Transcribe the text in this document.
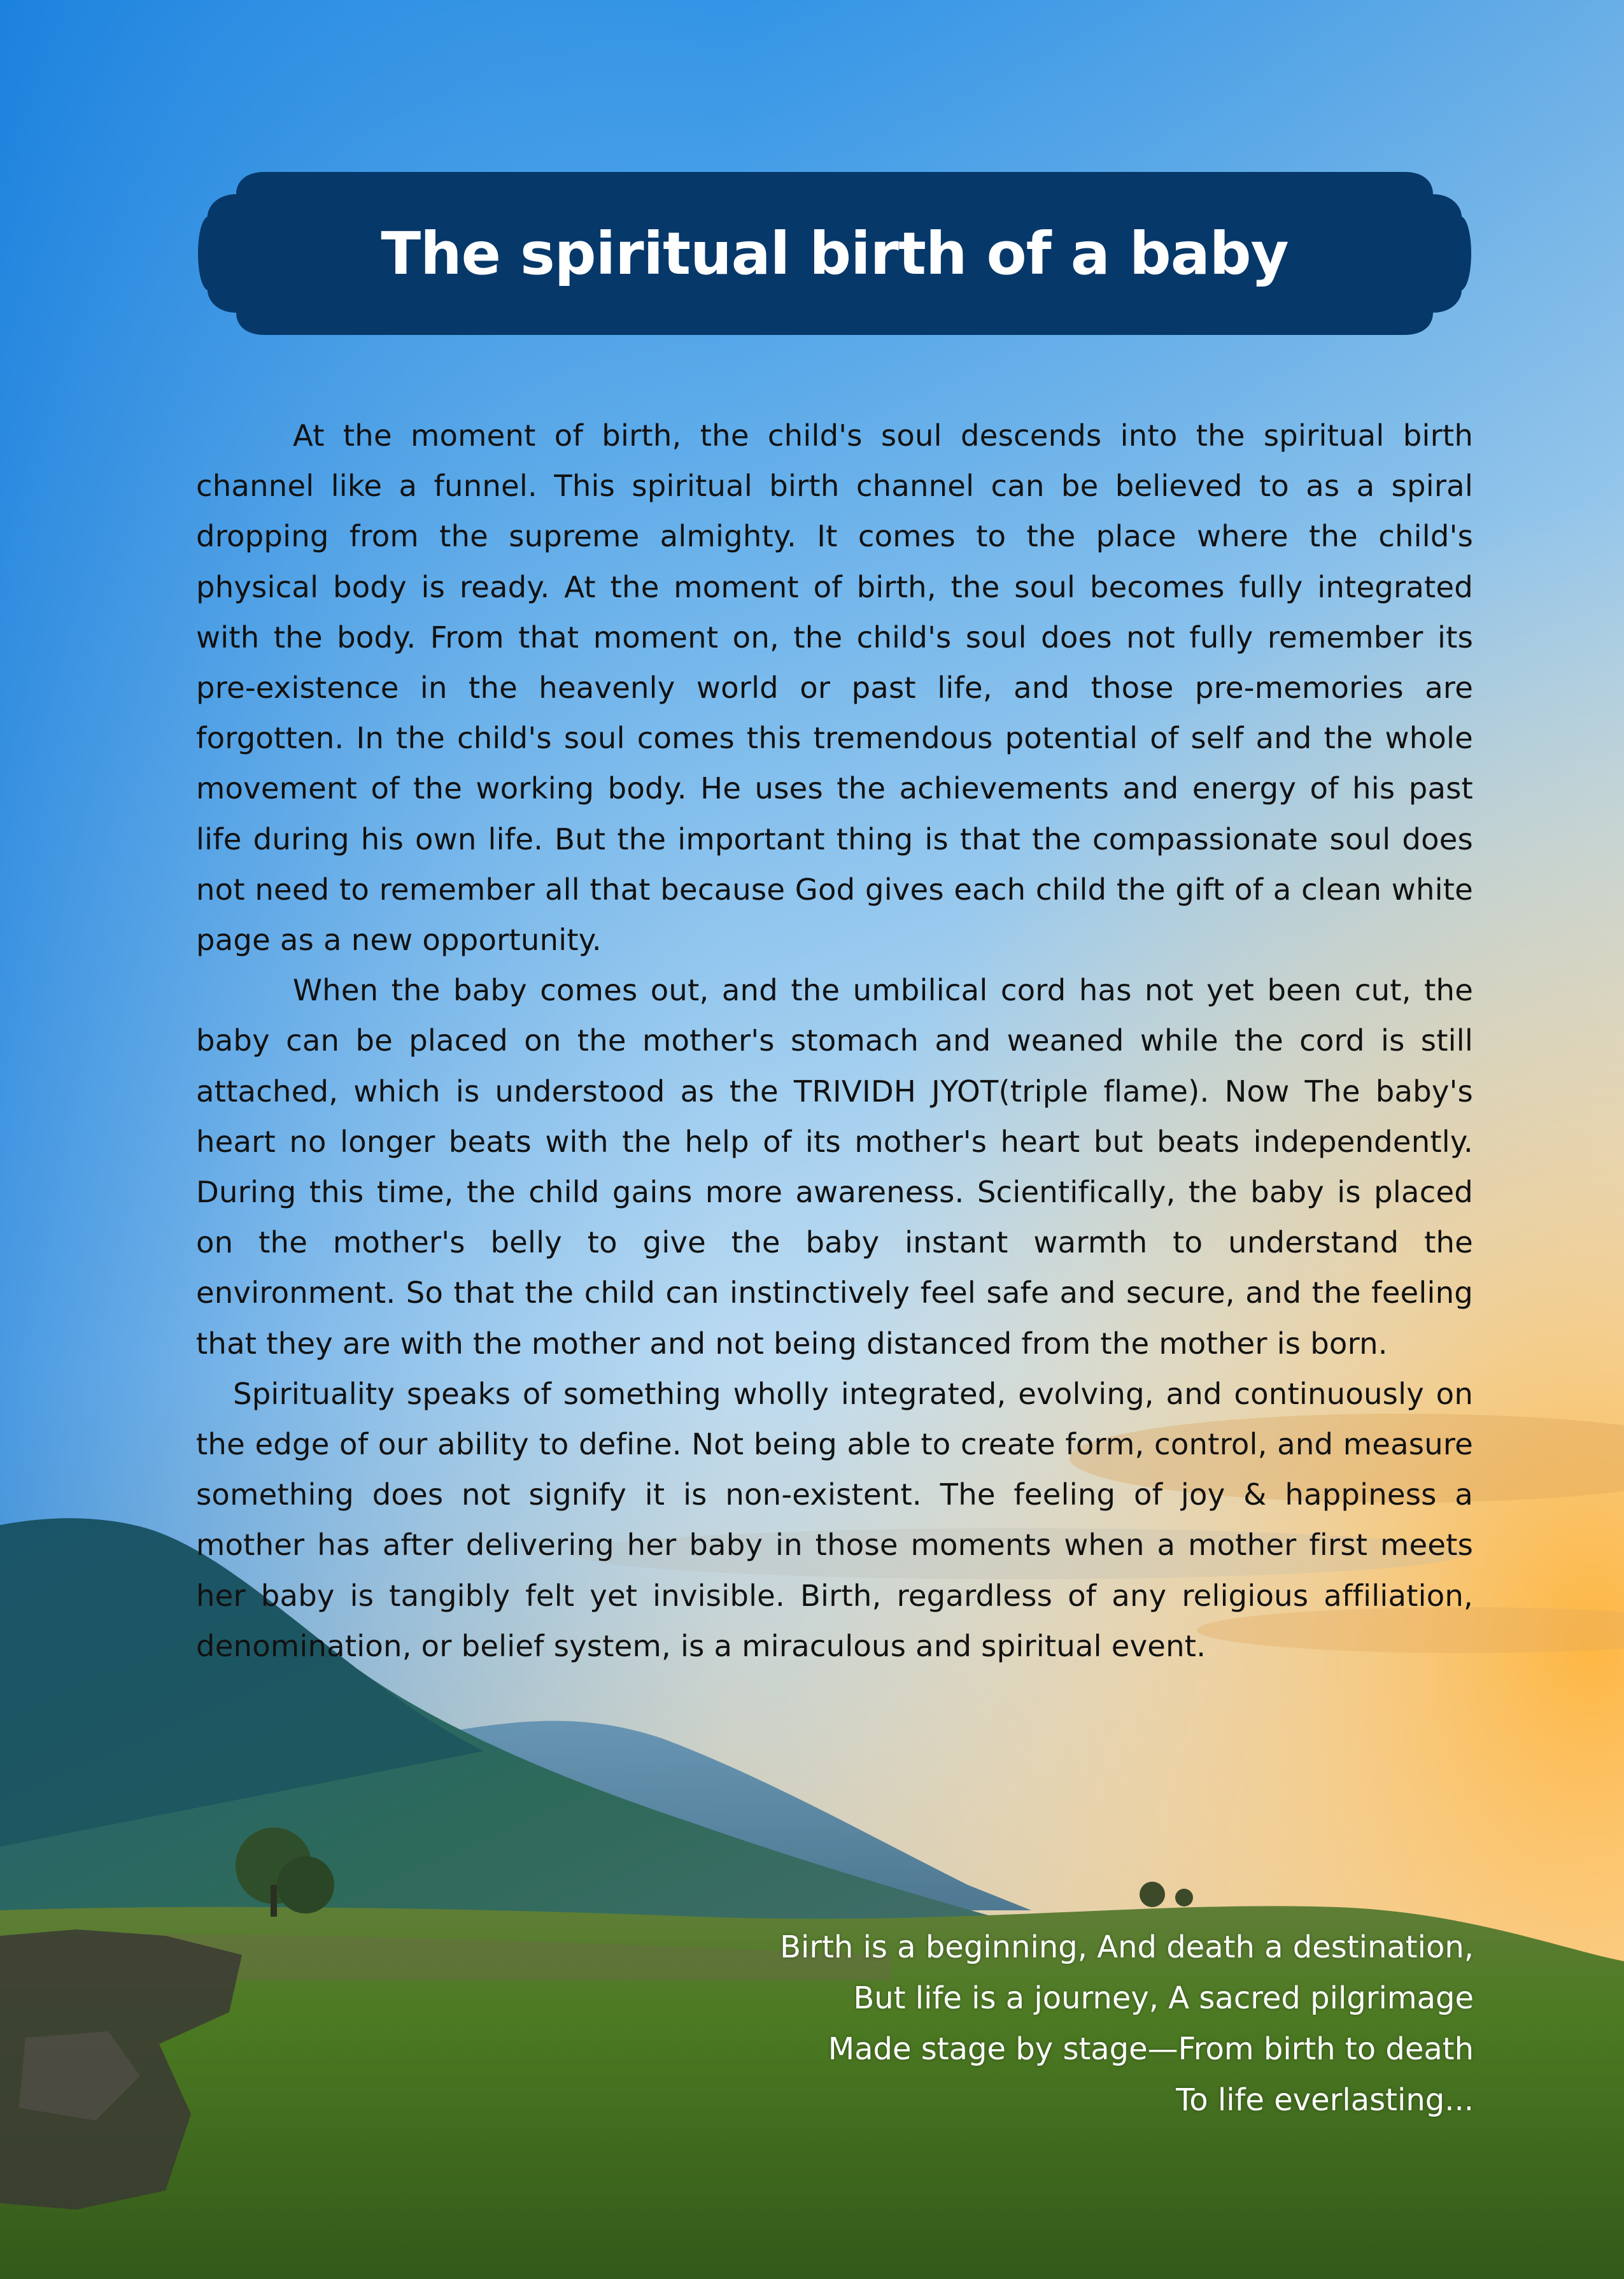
The spiritual birth of a baby

At the moment of birth, the child's soul descends into the spiritual birth channel like a funnel. This spiritual birth channel can be believed to as a spiral dropping from the supreme almighty. It comes to the place where the child's physical body is ready. At the moment of birth, the soul becomes fully integrated with the body. From that moment on, the child's soul does not fully remember its pre-existence in the heavenly world or past life, and those pre-memories are forgotten. In the child's soul comes this tremendous potential of self and the whole movement of the working body. He uses the achievements and energy of his past life during his own life. But the important thing is that the compassionate soul does not need to remember all that because God gives each child the gift of a clean white page as a new opportunity.

When the baby comes out, and the umbilical cord has not yet been cut, the baby can be placed on the mother's stomach and weaned while the cord is still attached, which is understood as the TRIVIDH JYOT(triple flame). Now The baby's heart no longer beats with the help of its mother's heart but beats independently. During this time, the child gains more awareness. Scientifically, the baby is placed on the mother's belly to give the baby instant warmth to understand the environment. So that the child can instinctively feel safe and secure, and the feeling that they are with the mother and not being distanced from the mother is born.

Spirituality speaks of something wholly integrated, evolving, and continuously on the edge of our ability to define. Not being able to create form, control, and measure something does not signify it is non-existent. The feeling of joy & happiness a mother has after delivering her baby in those moments when a mother first meets her baby is tangibly felt yet invisible. Birth, regardless of any religious affiliation, denomination, or belief system, is a miraculous and spiritual event.

Birth is a beginning, And death a destination,
But life is a journey, A sacred pilgrimage
Made stage by stage—From birth to death
To life everlasting...
